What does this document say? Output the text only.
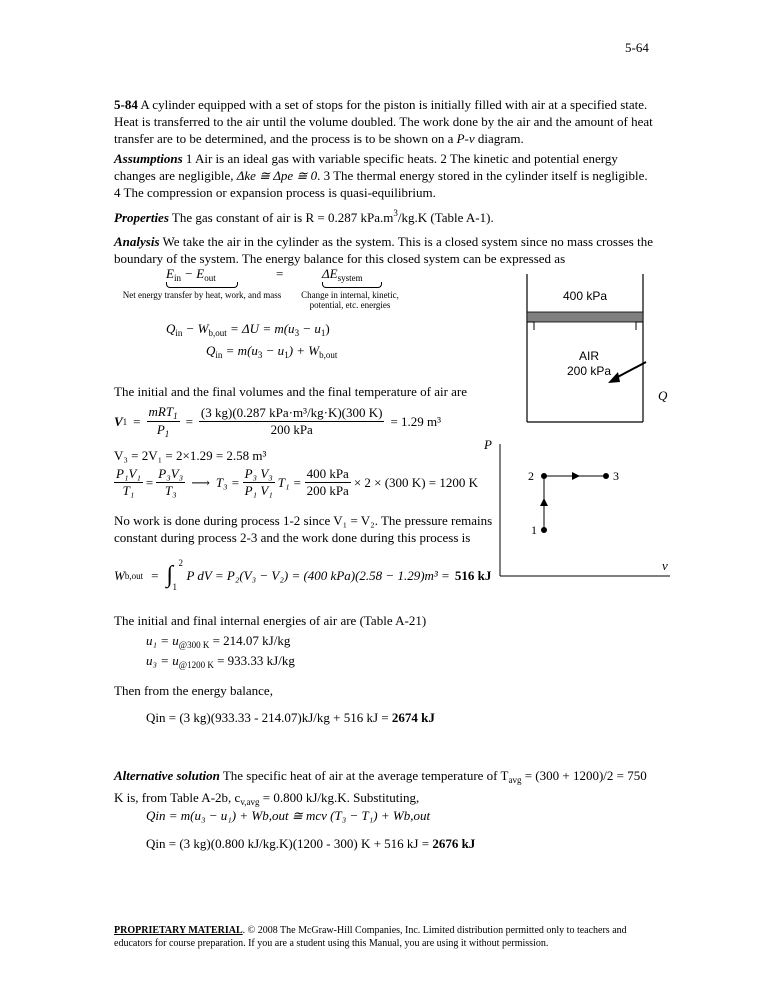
5-64
5-84 A cylinder equipped with a set of stops for the piston is initially filled with air at a specified state. Heat is transferred to the air until the volume doubled. The work done by the air and the amount of heat transfer are to be determined, and the process is to be shown on a P-v diagram.
Assumptions 1 Air is an ideal gas with variable specific heats. 2 The kinetic and potential energy changes are negligible, Δke ≅ Δpe ≅ 0. 3 The thermal energy stored in the cylinder itself is negligible. 4 The compression or expansion process is quasi-equilibrium.
Properties The gas constant of air is R = 0.287 $kPa.m^3/kg.K$ (Table A-1).
Analysis We take the air in the cylinder as the system. This is a closed system since no mass crosses the boundary of the system. The energy balance for this closed system can be expressed as
$E_{in} - E_{out}$
Net energy transfer by heat, work, and mass
=	$\Delta E_{system}$
Change in internal, kinetic, potential, etc. energies
$Q_{in} - W_{b,out} = \Delta U = m(u_3 - u_1)$
$Q_{in} = m(u_3 - u_1) + W_{b,out}$
The initial and the final volumes and the final temperature of air are
V $1 = \frac{mRT_1}{P_1} = \frac{\text{(3 kg)(0.287 kPa·m³/kg·K)(300 K)}}{\text{200 kPa}} = 1.29$ m³
V₃ = 2V₁ = 2×1.29 = 2.58 m³
$\frac{\text{P₁V₁}}{\text{T₁}} = \frac{\text{P₃V₃}}{\text{T₃}}$ ⟶ $T_3 = \frac{\text{P₃ V₃}}{\text{P₁ V₁}} T_1 = \frac{\text{400 kPa}}{\text{200 kPa}} \times 2 \times (300$ K) = 1200 K
No work is done during process 1-2 since V₁ = V₂. The pressure remains constant during process 2-3 and the work done during this process is
W b,out = ∫ 2
1
P dV = P₂(V₃ − V₂) = (400 kPa)(2.58 − 1.29)m³ = 516 kJ
The initial and final internal energies of air are (Table A-21)
$u_1 = u_{@300 K} = 214.07$ kJ/kg
$u_3 = u_{@1200 K} = 933.33$ kJ/kg
Then from the energy balance,
Qin = (3 kg)(933.33 - 214.07)kJ/kg + 516 kJ = 2674 kJ
Alternative solution The specific heat of air at the average temperature of $T_{avg} = (300 + 1200)/2 = 750$ K is, from Table A-2b, $c_{v,avg} = 0.800$ kJ/kg.K. Substituting,
Qin = m(u₃ − u₁) + Wb,out ≅ mcv (T₃ − T₁) + Wb,out
Qin = (3 kg)(0.800 kJ/kg.K)(1200 - 300) K + 516 kJ = 2676 kJ
400 kPa
AIR
200 kPa
Q
P
v
1
2	3
PROPRIETARY MATERIAL. © 2008 The McGraw-Hill Companies, Inc. Limited distribution permitted only to teachers and educators for course preparation. If you are a student using this Manual, you are using it without permission.
